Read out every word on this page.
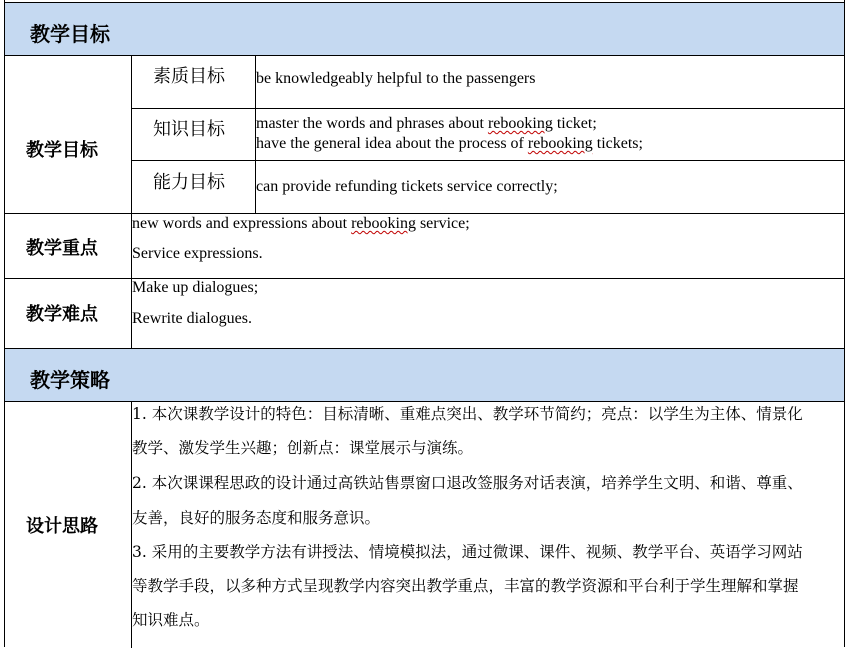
教学目标
教学目标
素质目标 be knowledgeably helpful to the passengers
知识目标 master the words and phrases about rebooking ticket;
have the general idea about the process of rebooking tickets;
能力目标 can provide refunding tickets service correctly;
教学重点
new words and expressions about rebooking service;
Service expressions.
教学难点
Make up dialogues;
Rewrite dialogues.
教学策略
设计思路
1. 本次课教学设计的特色：目标清晰、重难点突出、教学环节简约；亮点：以学生为主体、情景化
教学、激发学生兴趣；创新点：课堂展示与演练。
2. 本次课课程思政的设计通过高铁站售票窗口退改签服务对话表演，培养学生文明、和谐、尊重、
友善，良好的服务态度和服务意识。
3. 采用的主要教学方法有讲授法、情境模拟法，通过微课、课件、视频、教学平台、英语学习网站
等教学手段，以多种方式呈现教学内容突出教学重点，丰富的教学资源和平台利于学生理解和掌握
知识难点。
